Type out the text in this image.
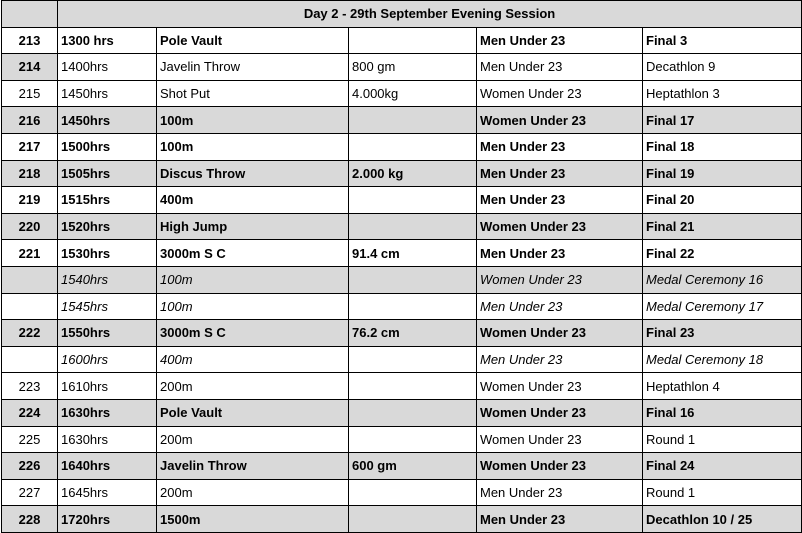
	Day 2 - 29th September Evening Session				
213	1300 hrs	Pole Vault		Men Under 23	Final 3
214	1400hrs	Javelin Throw	800 gm	Men Under 23	Decathlon 9
215	1450hrs	Shot Put	4.000kg	Women Under 23	Heptathlon 3
216	1450hrs	100m		Women Under 23	Final 17
217	1500hrs	100m		Men Under 23	Final 18
218	1505hrs	Discus Throw	2.000 kg	Men Under 23	Final 19
219	1515hrs	400m		Men Under 23	Final 20
220	1520hrs	High Jump		Women Under 23	Final 21
221	1530hrs	3000m S C	91.4 cm	Men Under 23	Final 22
	1540hrs	100m		Women Under 23	Medal Ceremony 16
	1545hrs	100m		Men Under 23	Medal Ceremony 17
222	1550hrs	3000m S C	76.2 cm	Women Under 23	Final 23
	1600hrs	400m		Men Under 23	Medal Ceremony 18
223	1610hrs	200m		Women Under 23	Heptathlon 4
224	1630hrs	Pole Vault		Women Under 23	Final 16
225	1630hrs	200m		Women Under 23	Round 1
226	1640hrs	Javelin Throw	600 gm	Women Under 23	Final 24
227	1645hrs	200m		Men Under 23	Round 1
228	1720hrs	1500m		Men Under 23	Decathlon 10 / 25
